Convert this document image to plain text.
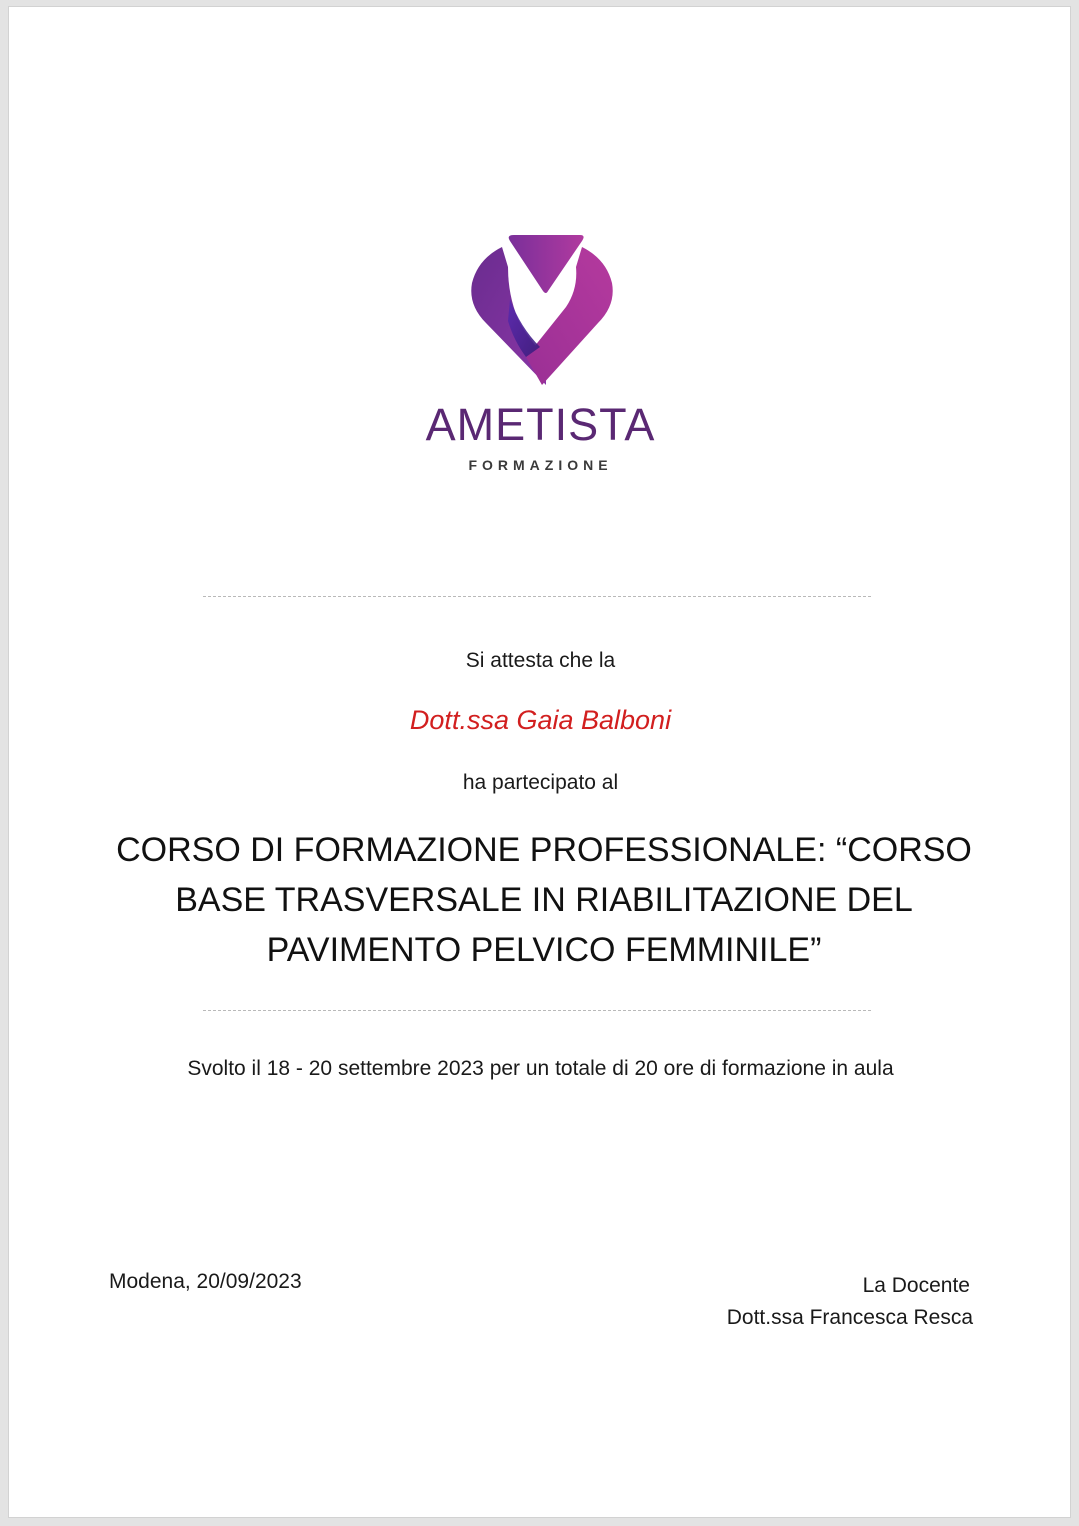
AMETISTA
FORMAZIONE
Si attesta che la
Dott.ssa Gaia Balboni
ha partecipato al
CORSO DI FORMAZIONE PROFESSIONALE: “CORSO BASE TRASVERSALE IN RIABILITAZIONE DEL PAVIMENTO PELVICO FEMMINILE”
Svolto il 18 - 20 settembre 2023 per un totale di 20 ore di formazione in aula
Modena, 20/09/2023	La Docente
Dott.ssa Francesca Resca
